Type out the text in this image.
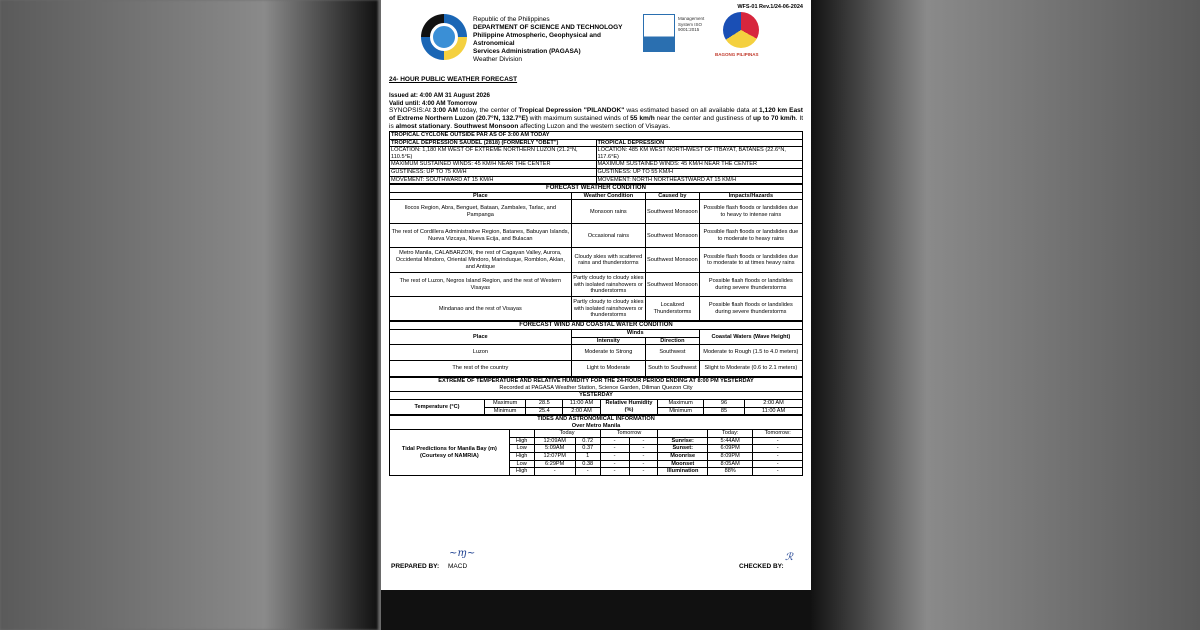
WFS-01 Rev.1/24-06-2024
Republic of the Philippines
DEPARTMENT OF SCIENCE AND TECHNOLOGY
Philippine Atmospheric, Geophysical and Astronomical
Services Administration (PAGASA)
Weather Division
Management System ISO 9001:2015
BAGONG PILIPINAS
24- HOUR PUBLIC WEATHER FORECAST
Issued at: 4:00 AM 31 August 2026
Valid until: 4:00 AM Tomorrow
SYNOPSIS:At 3:00 AM today, the center of Tropical Depression "PILANDOK" was estimated based on all available data at 1,120 km East of Extreme Northern Luzon (20.7°N, 132.7°E) with maximum sustained winds of 55 km/h near the center and gustiness of up to 70 km/h. It is almost stationary. Southwest Monsoon affecting Luzon and the western section of Visayas.
TROPICAL CYCLONE OUTSIDE PAR AS OF 3:00 AM TODAY	
TROPICAL DEPRESSION SAUDEL (2818) (FORMERLY "OBET")	TROPICAL DEPRESSION
LOCATION: 1,180 KM WEST OF EXTREME NORTHERN LUZON (21.2°N, 110.5°E)	LOCATION: 485 KM WEST NORTHWEST OF ITBAYAT, BATANES (22.6°N, 117.6°E)
MAXIMUM SUSTAINED WINDS: 45 KM/H NEAR THE CENTER	MAXIMUM SUSTAINED WINDS: 45 KM/H NEAR THE CENTER
GUSTINESS: UP TO 75 KM/H	GUSTINESS: UP TO 55 KM/H
MOVEMENT: SOUTHWARD AT 15 KM/H	MOVEMENT: NORTH NORTHEASTWARD AT 15 KM/H
FORECAST WEATHER CONDITION			
Place	Weather Condition	Caused by	Impacts/Hazards
Ilocos Region, Abra, Benguet, Bataan, Zambales, Tarlac, and Pampanga	Monsoon rains	Southwest Monsoon	Possible flash floods or landslides due to heavy to intense rains
The rest of Cordillera Administrative Region, Batanes, Babuyan Islands, Nueva Vizcaya, Nueva Ecija, and Bulacan	Occasional rains	Southwest Monsoon	Possible flash floods or landslides due to moderate to heavy rains
Metro Manila, CALABARZON, the rest of Cagayan Valley, Aurora, Occidental Mindoro, Oriental Mindoro, Marinduque, Romblon, Aklan, and Antique	Cloudy skies with scattered rains and thunderstorms	Southwest Monsoon	Possible flash floods or landslides due to moderate to at times heavy rains
The rest of Luzon, Negros Island Region, and the rest of Western Visayas	Partly cloudy to cloudy skies with isolated rainshowers or thunderstorms	Southwest Monsoon	Possible flash floods or landslides during severe thunderstorms
Mindanao and the rest of Visayas	Partly cloudy to cloudy skies with isolated rainshowers or thunderstorms	Localized Thunderstorms	Possible flash floods or landslides during severe thunderstorms
FORECAST WIND AND COASTAL WATER CONDITION			
Place	Winds		Coastal Waters (Wave Height)
	Intensity	Direction	
Luzon	Moderate to Strong	Southwest	Moderate to Rough (1.5 to 4.0 meters)
The rest of the country	Light to Moderate	South to Southwest	Slight to Moderate (0.6 to 2.1 meters)
EXTREME OF TEMPERATURE AND RELATIVE HUMIDITY FOR THE 24-HOUR PERIOD ENDING AT 8:00 PM YESTERDAY							
Recorded at PAGASA Weather Station, Science Garden, Diliman Quezon City							
YESTERDAY							
Temperature (°C)	Maximum	28.5	11:00 AM	Relative Humidity (%)	Maximum	96	2:00 AM
	Minimum	25.4	2:00 AM		Minimum	85	11:00 AM
TIDES AND ASTRONOMICAL INFORMATION								
Over Metro Manila								
Tidal Predictions for Manila Bay (m) (Courtesy of NAMRIA)		Today		Tomorrow			Today:	Tomorrow:
	High	12:09AM	0.72	-	-	Sunrise:	5:44AM	-
	Low	5:09AM	0.37	-	-	Sunset:	6:09PM	-
	High	12:07PM	1	-	-	Moonrise	8:09PM	-
	Low	6:29PM	0.38	-	-	Moonset	8:05AM	-
	High	-	-	-	-	Illumination	88%	-
PREPARED BY:
~ɱ~
MACD	CHECKED BY:
ℛ
